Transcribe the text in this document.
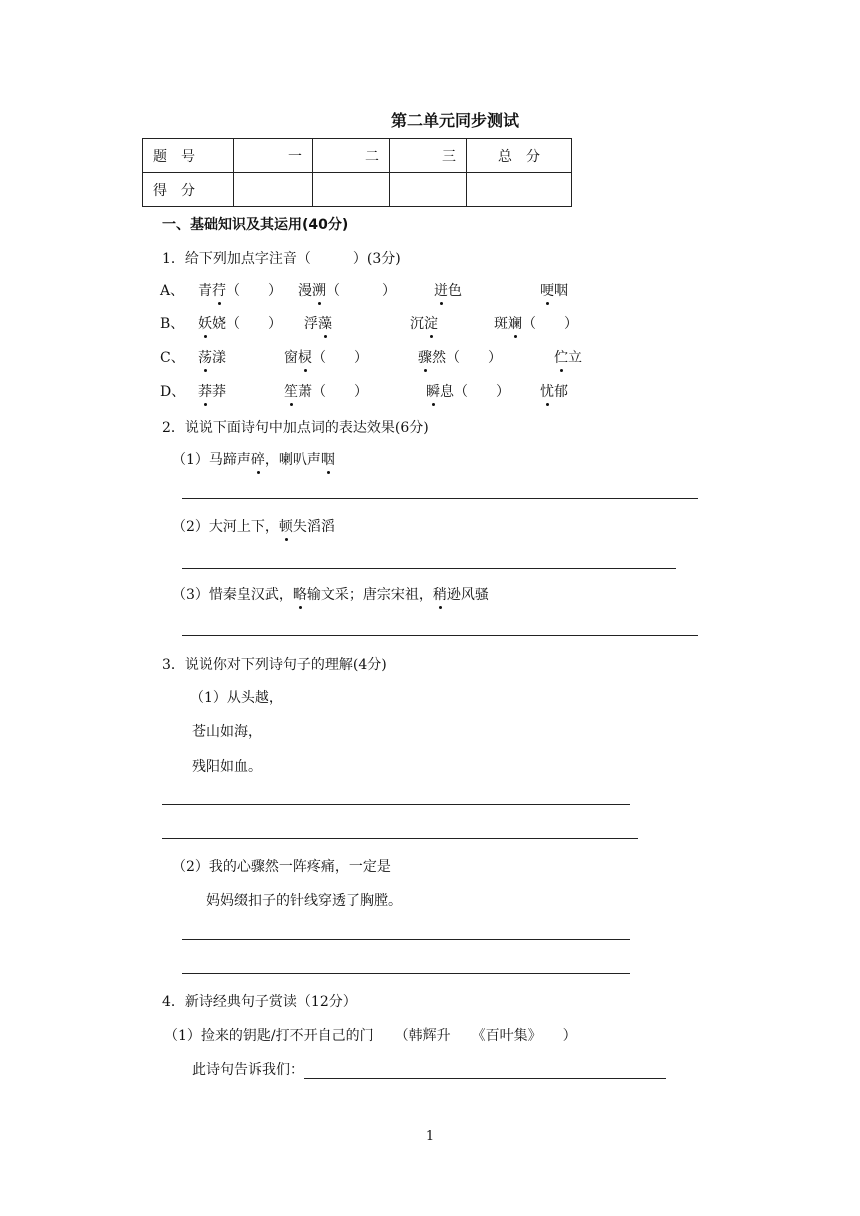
第二单元同步测试
题　号	一	二	三	总　分
得　分				
一、基础知识及其运用(40分)
1．给下列加点字注音（　　　）(3分)
A、 青荇（　　） 漫溯（　　　）	迸色	哽咽
B、 妖娆（　　） 浮藻	沉淀	斑斓（　　）
C、 荡漾	窗棂（　　）	骤然（　　）	伫立
D、 莽莽	笙萧（　　）	瞬息（　　） 忧郁
2．说说下面诗句中加点词的表达效果(6分)
（1）马蹄声碎，喇叭声咽
（2）大河上下，顿失滔滔
（3）惜秦皇汉武，略输文采；唐宗宋祖，稍逊风骚
3．说说你对下列诗句子的理解(4分)
（1）从头越，
苍山如海，
残阳如血。
（2）我的心骤然一阵疼痛，一定是
妈妈缀扣子的针线穿透了胸膛。
4．新诗经典句子赏读（12分）
（1）捡来的钥匙/打不开自己的门　　（韩辉升　　《百叶集》　　）
此诗句告诉我们：
1
